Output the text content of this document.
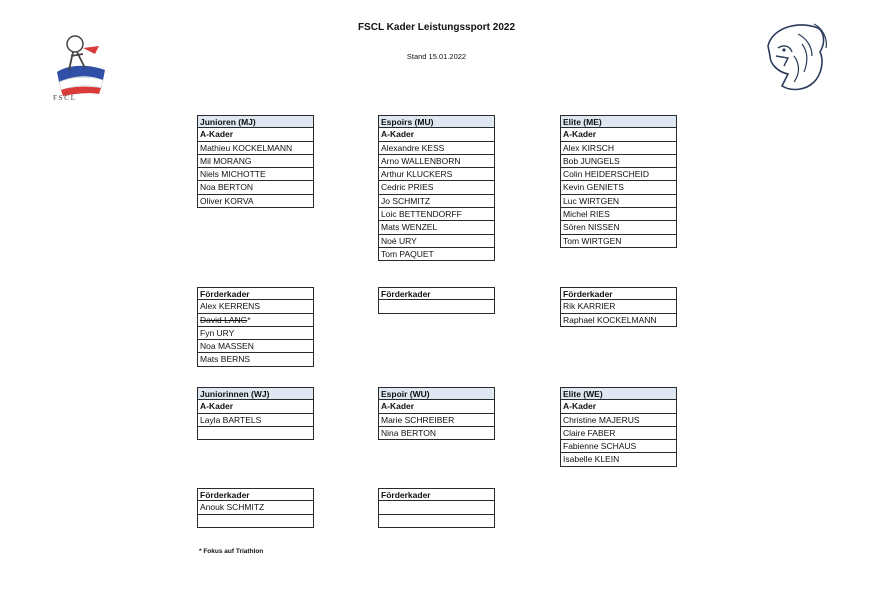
FSCL Kader Leistungssport 2022
Stand 15.01.2022
F S C L
Junioren (MJ)
A-Kader
Mathieu KOCKELMANN
Mil MORANG
Niels MICHOTTE
Noa BERTON
Oliver KORVA
Espoirs (MU)
A-Kader
Alexandre KESS
Arno WALLENBORN
Arthur KLUCKERS
Cedric PRIES
Jo SCHMITZ
Loic BETTENDORFF
Mats WENZEL
Noé URY
Tom PAQUET
Elite (ME)
A-Kader
Alex KIRSCH
Bob JUNGELS
Colin HEIDERSCHEID
Kevin GENIETS
Luc WIRTGEN
Michel RIES
Sören NISSEN
Tom WIRTGEN
Förderkader
Alex KERRENS
David LANG*
Fyn URY
Noa MASSEN
Mats BERNS
Förderkader	Förderkader
Rik KARRIER
Raphael KOCKELMANN
Juniorinnen (WJ)
A-Kader
Layla BARTELS
Espoir (WU)
A-Kader
Marie SCHREIBER
Nina BERTON
Elite (WE)
A-Kader
Christine MAJERUS
Claire FABER
Fabienne SCHAUS
Isabelle KLEIN
Förderkader
Anouk SCHMITZ
Förderkader
* Fokus auf Triathlon
